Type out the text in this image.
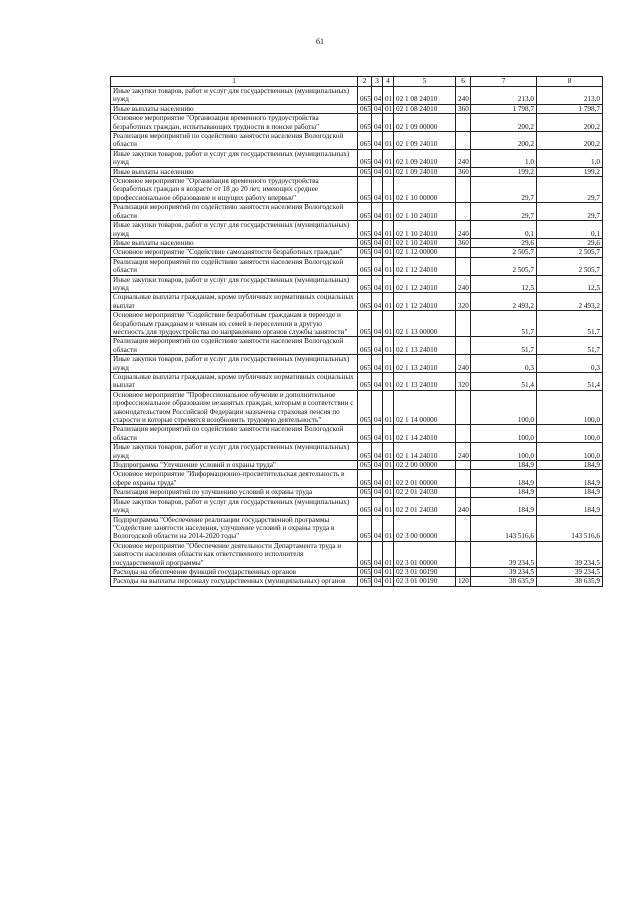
61
1	2	3	4	5	6	7	8
Иные закупки товаров, работ и услуг для государственных (муниципальных) нужд	065	04	01	02 1 08 24010	240	213,0	213,0
Иные выплаты населению	065	04	01	02 1 08 24010	360	1 798,7	1 798,7
Основное мероприятие "Организация временного трудоустройства безработных граждан, испытывающих трудности в поиске работы"	065	04	01	02 1 09 00000		200,2	200,2
Реализация мероприятий по содействию занятости населения Вологодской области	065	04	01	02 1 09 24010		200,2	200,2
Иные закупки товаров, работ и услуг для государственных (муниципальных) нужд	065	04	01	02 1 09 24010	240	1,0	1,0
Иные выплаты населению	065	04	01	02 1 09 24010	360	199,2	199,2
Основное мероприятие "Организация временного трудоустройства безработных граждан в возрасте от 18 до 20 лет, имеющих среднее профессиональное образование и ищущих работу впервые"	065	04	01	02 1 10 00000		29,7	29,7
Реализация мероприятий по содействию занятости населения Вологодской области	065	04	01	02 1 10 24010		29,7	29,7
Иные закупки товаров, работ и услуг для государственных (муниципальных) нужд	065	04	01	02 1 10 24010	240	0,1	0,1
Иные выплаты населению	065	04	01	02 1 10 24010	360	29,6	29,6
Основное мероприятие "Содействие самозанятости безработных граждан"	065	04	01	02 1 12 00000		2 505,7	2 505,7
Реализация мероприятий по содействию занятости населения Вологодской области	065	04	01	02 1 12 24010		2 505,7	2 505,7
Иные закупки товаров, работ и услуг для государственных (муниципальных) нужд	065	04	01	02 1 12 24010	240	12,5	12,5
Социальные выплаты гражданам, кроме публичных нормативных социальных выплат	065	04	01	02 1 12 24010	320	2 493,2	2 493,2
Основное мероприятие "Содействие безработным гражданам в переезде и безработным гражданам и членам их семей в переселении в другую местность для трудоустройства по направлению органов службы занятости"	065	04	01	02 1 13 00000		51,7	51,7
Реализация мероприятий по содействию занятости населения Вологодской области	065	04	01	02 1 13 24010		51,7	51,7
Иные закупки товаров, работ и услуг для государственных (муниципальных) нужд	065	04	01	02 1 13 24010	240	0,3	0,3
Социальные выплаты гражданам, кроме публичных нормативных социальных выплат	065	04	01	02 1 13 24010	320	51,4	51,4
Основное мероприятие "Профессиональное обучение и дополнительное профессиональное образование незанятых граждан, которым в соответствии с законодательством Российской Федерации назначена страховая пенсия по старости и которые стремятся возобновить трудовую деятельность"	065	04	01	02 1 14 00000		100,0	100,0
Реализация мероприятий по содействию занятости населения Вологодской области	065	04	01	02 1 14 24010		100,0	100,0
Иные закупки товаров, работ и услуг для государственных (муниципальных) нужд	065	04	01	02 1 14 24010	240	100,0	100,0
Подпрограмма "Улучшение условий и охраны труда"	065	04	01	02 2 00 00000		184,9	184,9
Основное мероприятие "Информационно-просветительская деятельность в сфере охраны труда"	065	04	01	02 2 01 00000		184,9	184,9
Реализация мероприятий по улучшению условий и охраны труда	065	04	01	02 2 01 24030		184,9	184,9
Иные закупки товаров, работ и услуг для государственных (муниципальных) нужд	065	04	01	02 2 01 24030	240	184,9	184,9
Подпрограмма "Обеспечение реализации государственной программы "Содействие занятости населения, улучшение условий и охраны труда в Вологодской области на 2014-2020 годы"	065	04	01	02 3 00 00000		143 516,6	143 516,6
Основное мероприятие "Обеспечение деятельности Департамента труда и занятости населения области как ответственного исполнителя государственной программы"	065	04	01	02 3 01 00000		39 234,5	39 234,5
Расходы на обеспечение функций государственных органов	065	04	01	02 3 01 00190		39 234,5	39 234,5
Расходы на выплаты персоналу государственных (муниципальных) органов	065	04	01	02 3 01 00190	120	38 635,9	38 635,9
